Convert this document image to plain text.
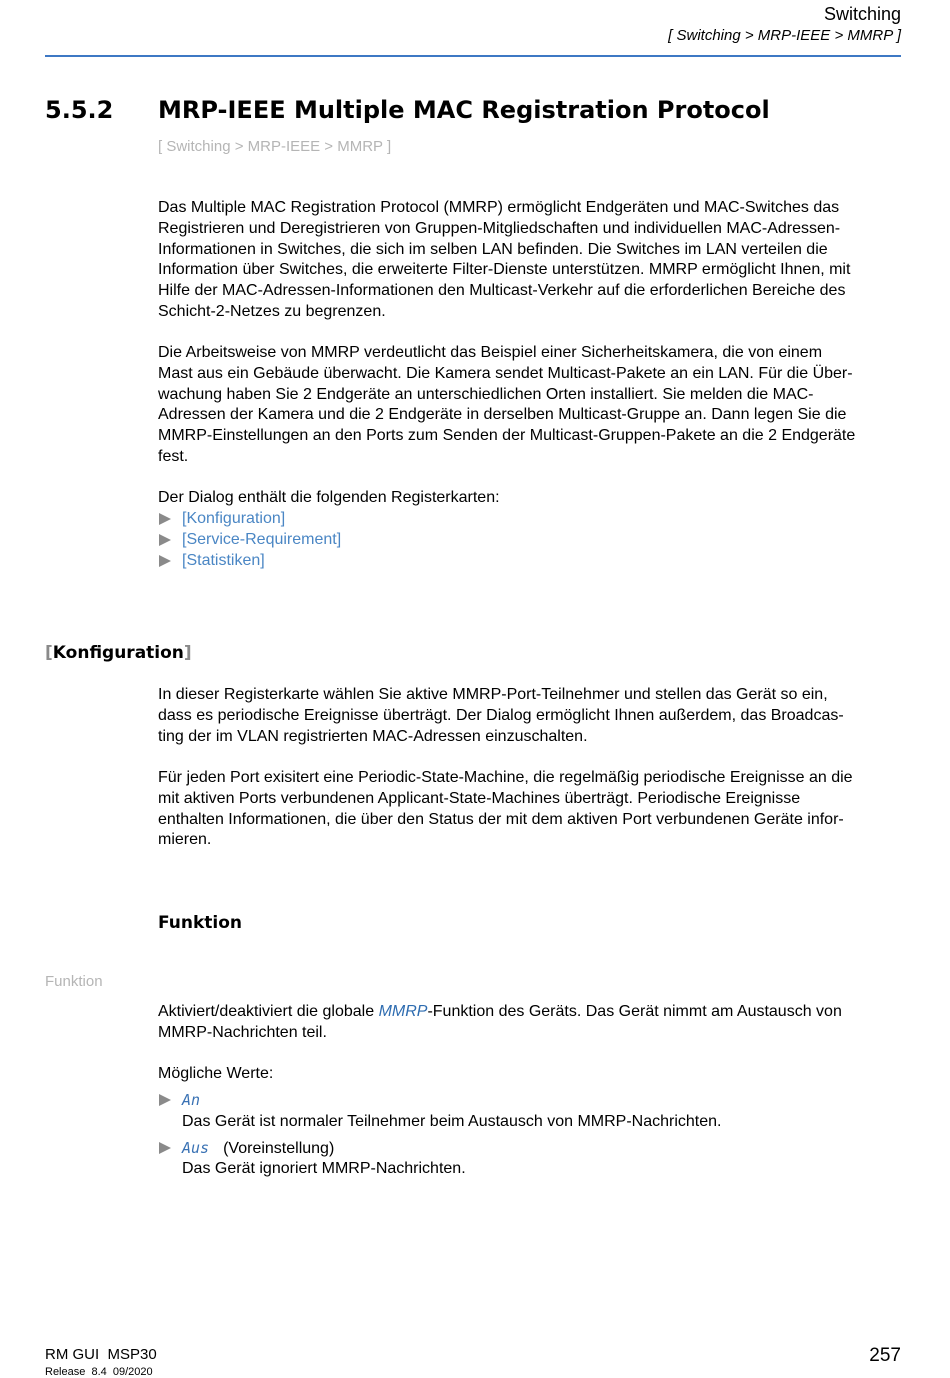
Switching
[ Switching > MRP-IEEE > MMRP ]
5.5.2 MRP-IEEE Multiple MAC Registration Protocol
[ Switching > MRP-IEEE > MMRP ]

Das Multiple MAC Registration Protocol (MMRP) ermöglicht Endgeräten und MAC-Switches das
Registrieren und Deregistrieren von Gruppen-Mitgliedschaften und individuellen MAC-Adressen-
Informationen in Switches, die sich im selben LAN befinden. Die Switches im LAN verteilen die
Information über Switches, die erweiterte Filter-Dienste unterstützen. MMRP ermöglicht Ihnen, mit
Hilfe der MAC-Adressen-Informationen den Multicast-Verkehr auf die erforderlichen Bereiche des
Schicht-2-Netzes zu begrenzen.

Die Arbeitsweise von MMRP verdeutlicht das Beispiel einer Sicherheitskamera, die von einem
Mast aus ein Gebäude überwacht. Die Kamera sendet Multicast-Pakete an ein LAN. Für die Über-
wachung haben Sie 2 Endgeräte an unterschiedlichen Orten installiert. Sie melden die MAC-
Adressen der Kamera und die 2 Endgeräte in derselben Multicast-Gruppe an. Dann legen Sie die
MMRP-Einstellungen an den Ports zum Senden der Multicast-Gruppen-Pakete an die 2 Endgeräte
fest.

Der Dialog enthält die folgenden Registerkarten:

[Konfiguration]
[Service-Requirement]
[Statistiken]
[Konfiguration]

In dieser Registerkarte wählen Sie aktive MMRP-Port-Teilnehmer und stellen das Gerät so ein,
dass es periodische Ereignisse überträgt. Der Dialog ermöglicht Ihnen außerdem, das Broadcas-
ting der im VLAN registrierten MAC-Adressen einzuschalten.

Für jeden Port exisitert eine Periodic-State-Machine, die regelmäßig periodische Ereignisse an die
mit aktiven Ports verbundenen Applicant-State-Machines überträgt. Periodische Ereignisse
enthalten Informationen, die über den Status der mit dem aktiven Port verbundenen Geräte infor-
mieren.

Funktion
Funktion

Aktiviert/deaktiviert die globale MMRP-Funktion des Geräts. Das Gerät nimmt am Austausch von
MMRP-Nachrichten teil.

Mögliche Werte:

An
Das Gerät ist normaler Teilnehmer beim Austausch von MMRP-Nachrichten.
Aus (Voreinstellung)
Das Gerät ignoriert MMRP-Nachrichten.
RM GUI  MSP30
Release  8.4  09/2020
257
